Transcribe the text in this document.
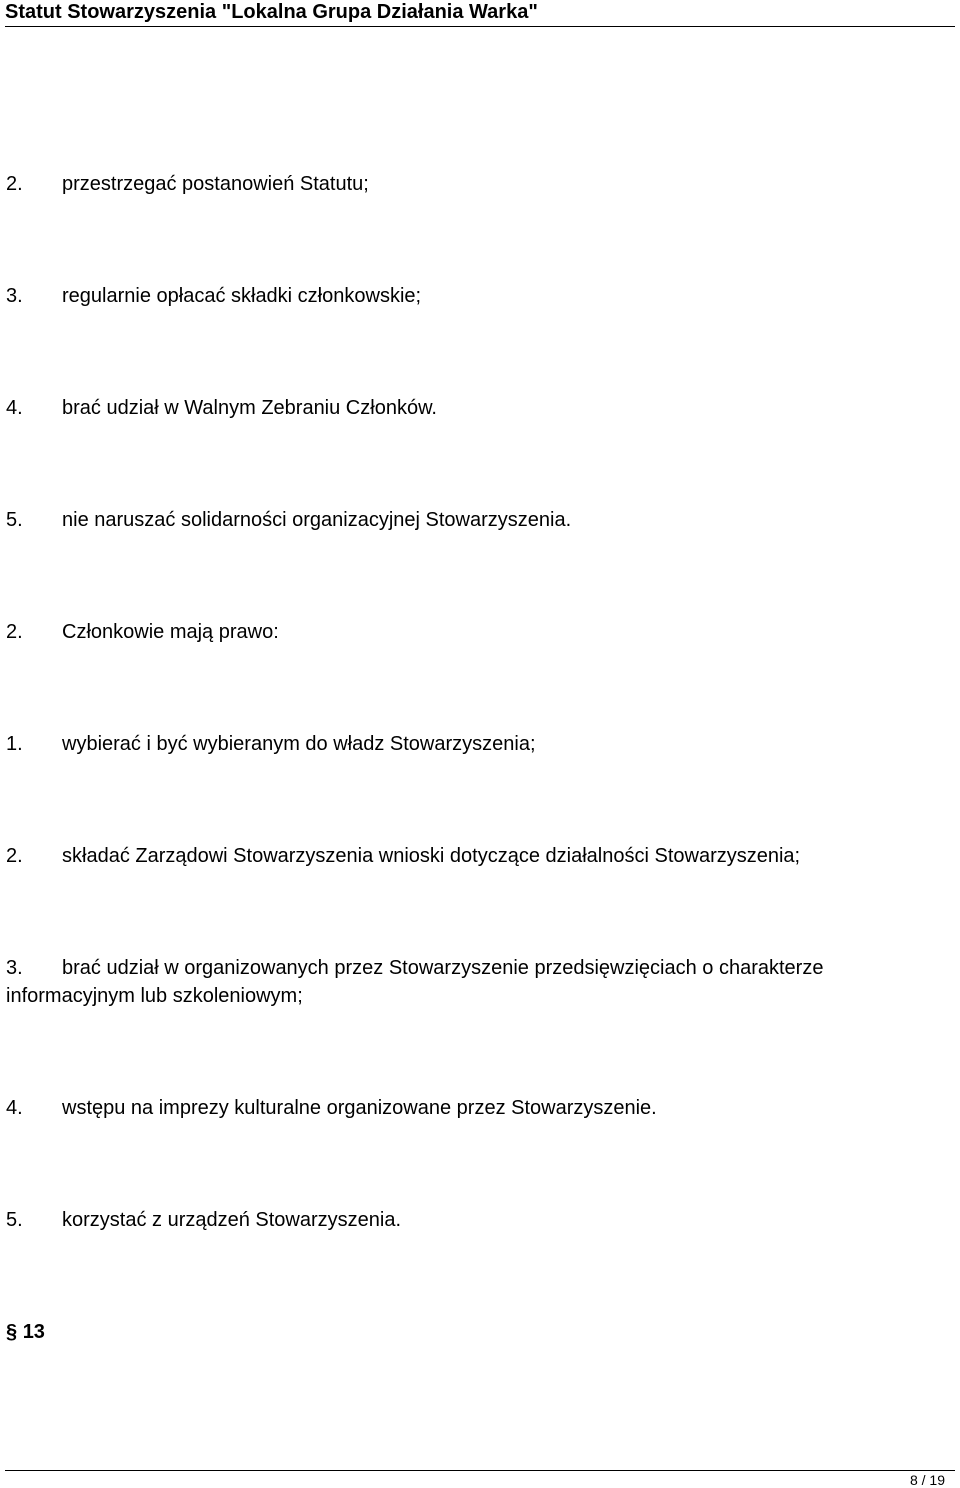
Statut Stowarzyszenia "Lokalna Grupa Działania Warka"
2. przestrzegać postanowień Statutu;
3. regularnie opłacać składki członkowskie;
4. brać udział w Walnym Zebraniu Członków.
5. nie naruszać solidarności organizacyjnej Stowarzyszenia.
2. Członkowie mają prawo:
1. wybierać i być wybieranym do władz Stowarzyszenia;
2. składać Zarządowi Stowarzyszenia wnioski dotyczące działalności Stowarzyszenia;
3. brać udział w organizowanych przez Stowarzyszenie przedsięwzięciach o charakterze informacyjnym lub szkoleniowym;
4. wstępu na imprezy kulturalne organizowane przez Stowarzyszenie.
5. korzystać z urządzeń Stowarzyszenia.
§ 13
8 / 19
